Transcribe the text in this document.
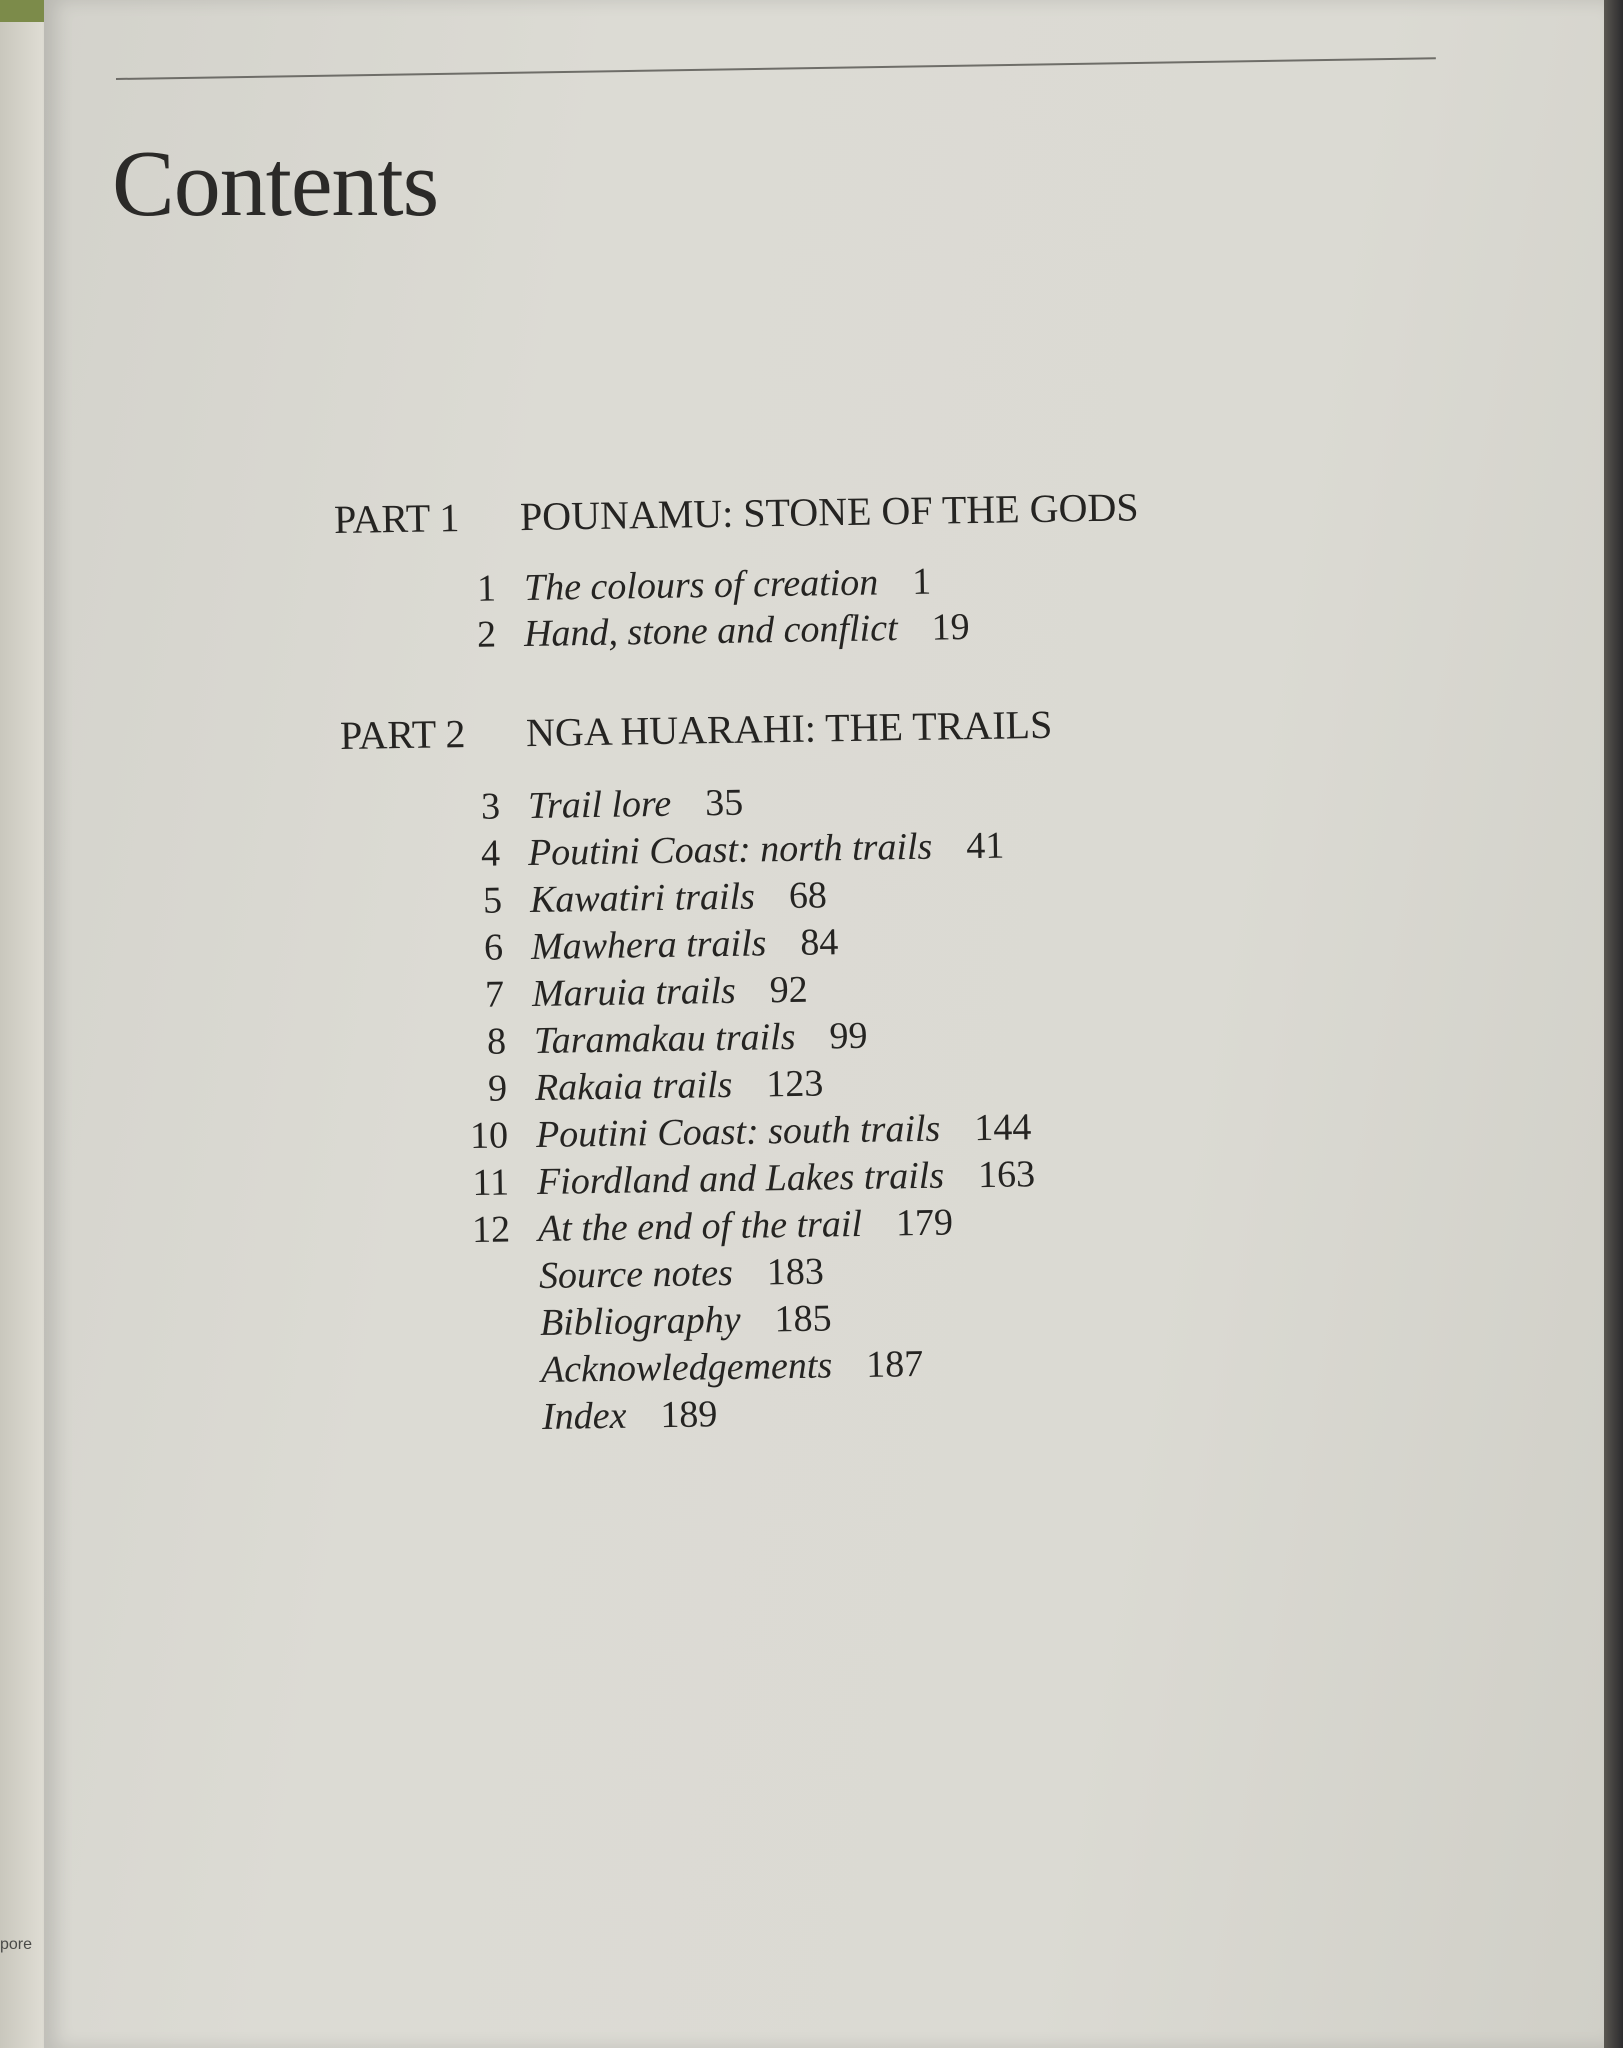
pore
Contents
PART 1 POUNAMU: STONE OF THE GODS
1 The colours of creation 1
2 Hand, stone and conflict 19
PART 2 NGA HUARAHI: THE TRAILS
3 Trail lore 35
4 Poutini Coast: north trails 41
5 Kawatiri trails 68
6 Mawhera trails 84
7 Maruia trails 92
8 Taramakau trails 99
9 Rakaia trails 123
10 Poutini Coast: south trails 144
11 Fiordland and Lakes trails 163
12 At the end of the trail 179
Source notes 183
Bibliography 185
Acknowledgements 187
Index 189
